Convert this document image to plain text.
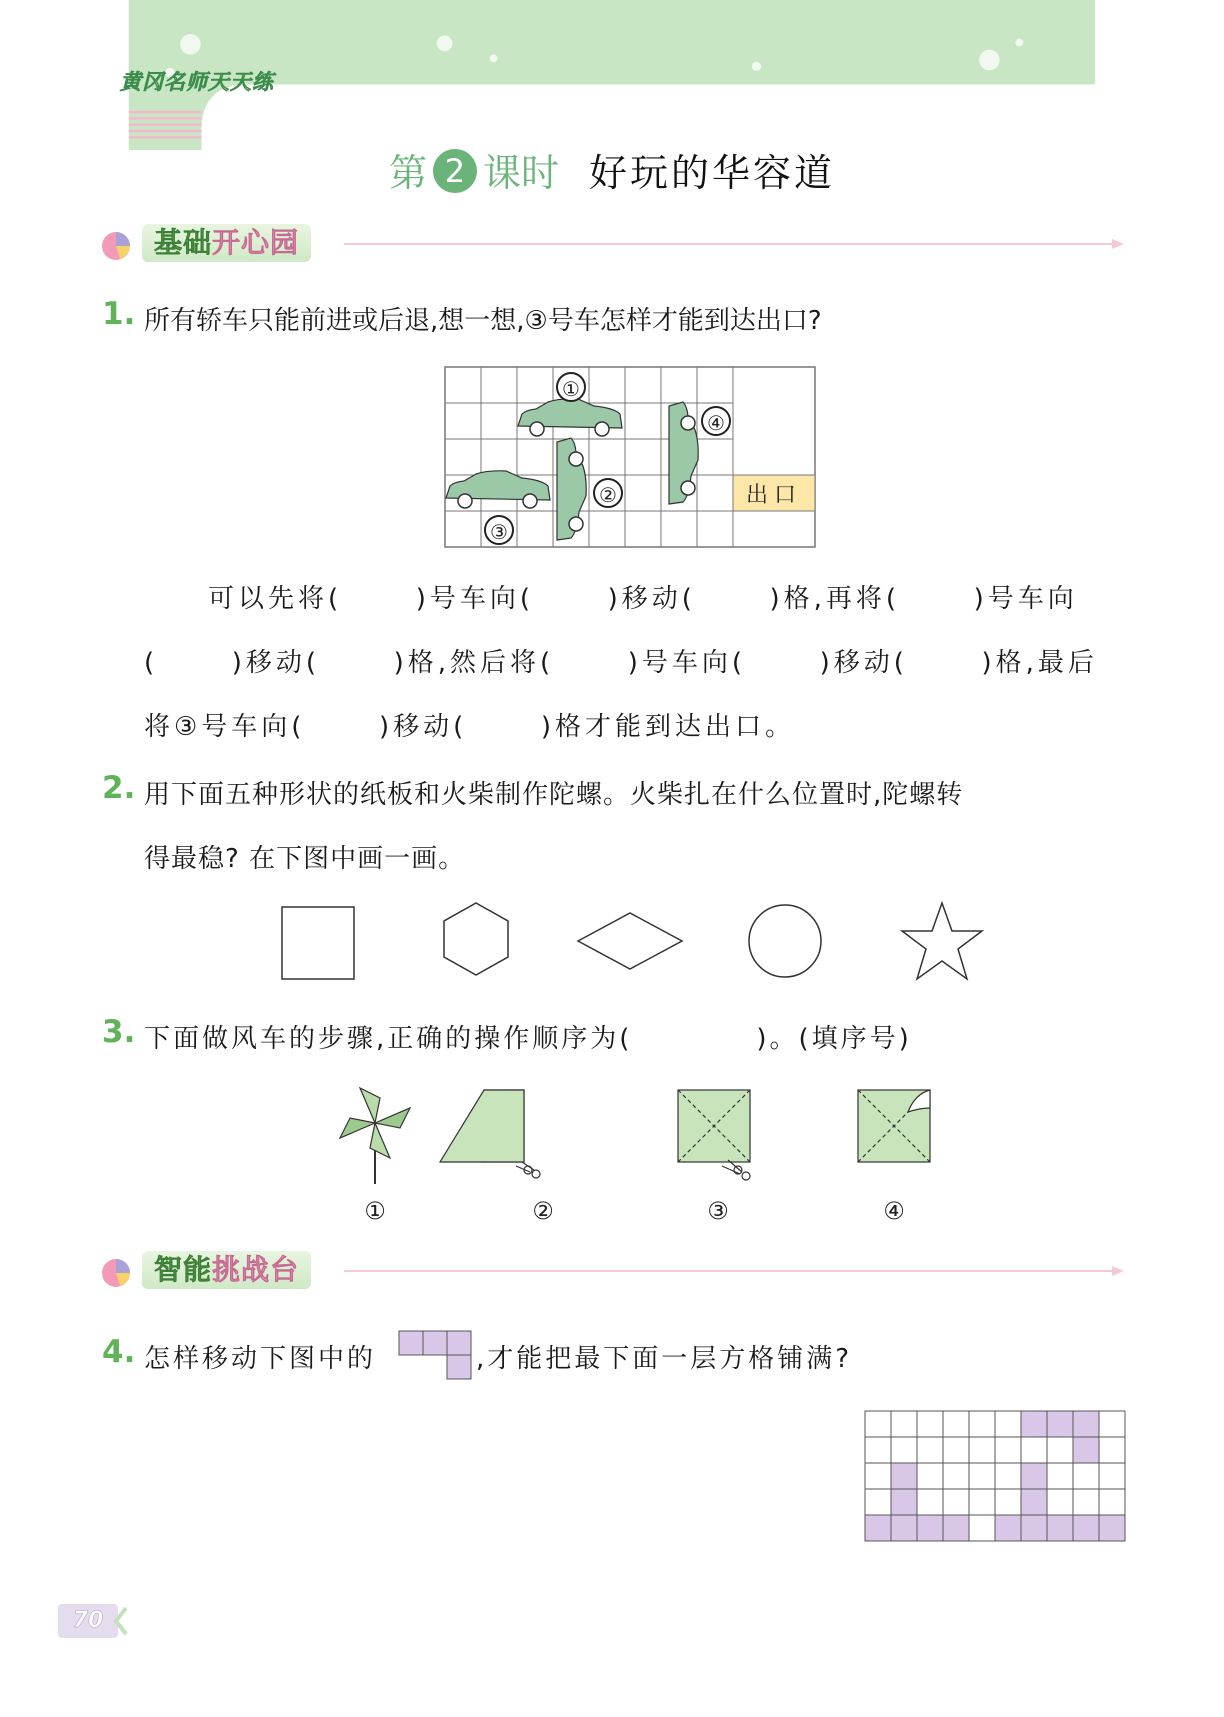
黄冈名师天天练
第 2 课时 好玩的华容道
基础开心园
1. 所有轿车只能前进或后退,想一想,③号车怎样才能到达出口?
①
②
③
④
出口
可以先将(      )号车向(      )移动(      )格,再将(      )号车向
(      )移动(      )格,然后将(      )号车向(      )移动(      )格,最后
将③号车向(      )移动(      )格才能到达出口。
2. 用下面五种形状的纸板和火柴制作陀螺。火柴扎在什么位置时,陀螺转
得最稳? 在下图中画一画。
3. 下面做风车的步骤,正确的操作顺序为(           )。(填序号)
①	②	③	④
智能挑战台
4. 怎样移动下图中的	,才能把最下面一层方格铺满?
70
